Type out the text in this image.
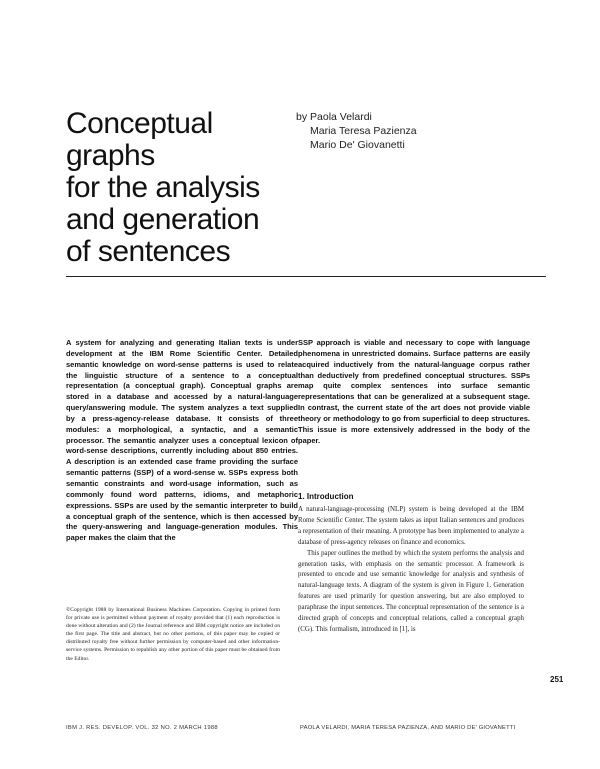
Conceptual
graphs
for the analysis
and generation
of sentences
by Paola Velardi
Maria Teresa Pazienza
Mario De' Giovanetti

A system for analyzing and generating Italian texts is under development at the IBM Rome Scientific Center. Detailed semantic knowledge on word-sense patterns is used to relate the linguistic structure of a sentence to a conceptual representation (a conceptual graph). Conceptual graphs are stored in a database and accessed by a natural-language query/answering module. The system analyzes a text supplied by a press-agency-release database. It consists of three modules: a morphological, a syntactic, and a semantic processor. The semantic analyzer uses a conceptual lexicon of word-sense descriptions, currently including about 850 entries. A description is an extended case frame providing the surface semantic patterns (SSP) of a word-sense w. SSPs express both semantic constraints and word-usage information, such as commonly found word patterns, idioms, and metaphoric expressions. SSPs are used by the semantic interpreter to build a conceptual graph of the sentence, which is then accessed by the query-answering and language-generation modules. This paper makes the claim that the

SSP approach is viable and necessary to cope with language phenomena in unrestricted domains. Surface patterns are easily acquired inductively from the natural-language corpus rather than deductively from predefined conceptual structures. SSPs map quite complex sentences into surface semantic representations that can be generalized at a subsequent stage. In contrast, the current state of the art does not provide viable theory or methodology to go from superficial to deep structures. This issue is more extensively addressed in the body of the paper.

©Copyright 1988 by International Business Machines Corporation. Copying in printed form for private use is permitted without payment of royalty provided that (1) each reproduction is done without alteration and (2) the Journal reference and IBM copyright notice are included on the first page. The title and abstract, but no other portions, of this paper may be copied or distributed royalty free without further permission by computer-based and other information-service systems. Permission to republish any other portion of this paper must be obtained from the Editor.

1. Introduction

A natural-language-processing (NLP) system is being developed at the IBM Rome Scientific Center. The system takes as input Italian sentences and produces a representation of their meaning. A prototype has been implemented to analyze a database of press-agency releases on finance and economics.

This paper outlines the method by which the system performs the analysis and generation tasks, with emphasis on the semantic processor. A framework is presented to encode and use semantic knowledge for analysis and synthesis of natural-language texts. A diagram of the system is given in Figure 1. Generation features are used primarily for question answering, but are also employed to paraphrase the input sentences. The conceptual representation of the sentence is a directed graph of concepts and conceptual relations, called a conceptual graph (CG). This formalism, introduced in [1], is

251
IBM J. RES. DEVELOP. VOL. 32 NO. 2 MARCH 1988	PAOLA VELARDI, MARIA TERESA PAZIENZA, AND MARIO DE' GIOVANETTI
